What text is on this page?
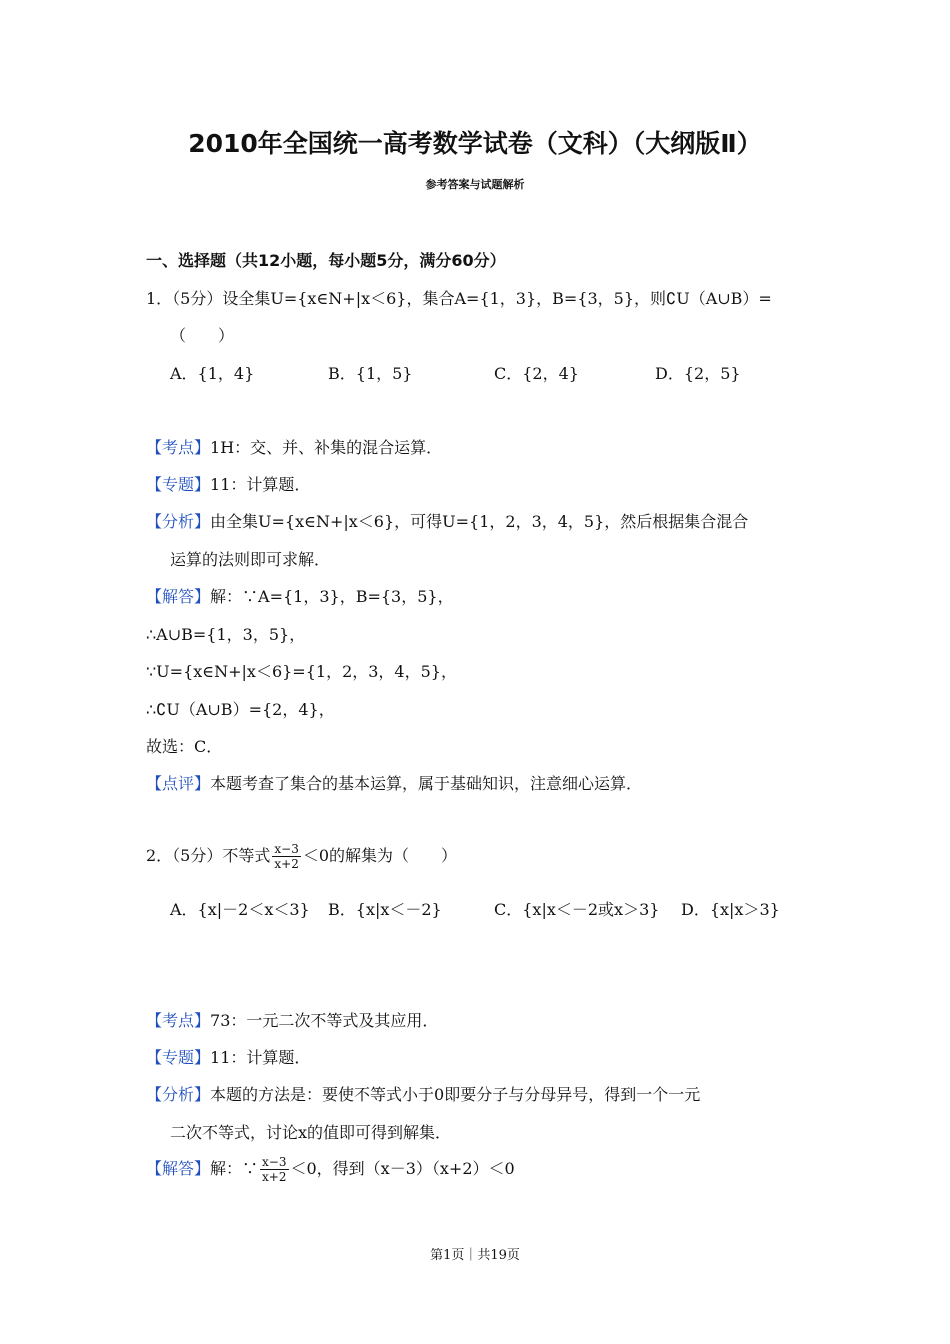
2010年全国统一高考数学试卷（文科）（大纲版Ⅱ）
参考答案与试题解析
一、选择题（共12小题，每小题5分，满分60分）
1．（5分）设全集U={x∈N+|x＜6}，集合A={1，3}，B={3，5}，则∁U（A∪B）=
（　　）
A．{1，4}	B．{1，5}	C．{2，4}	D．{2，5}
【考点】1H：交、并、补集的混合运算．
【专题】11：计算题．
【分析】由全集U={x∈N+|x＜6}，可得U={1，2，3，4，5}，然后根据集合混合
运算的法则即可求解．
【解答】解：∵A={1，3}，B={3，5}，
∴A∪B={1，3，5}，
∵U={x∈N+|x＜6}={1，2，3，4，5}，
∴∁U（A∪B）={2，4}，
故选：C．
【点评】本题考查了集合的基本运算，属于基础知识，注意细心运算．
2．（5分）不等式 $\frac{x-3}{x+2} <0$的解集为（　　）
A．{x|－2＜x＜3} B．{x|x＜－2}	C．{x|x＜－2或x＞3} D．{x|x＞3}
【考点】73：一元二次不等式及其应用．
【专题】11：计算题．
【分析】本题的方法是：要使不等式小于0即要分子与分母异号，得到一个一元
二次不等式，讨论x的值即可得到解集．
【解答】解：∵ $\frac{x-3}{x+2} <0$，得到（x－3）（x+2）＜0
第1页｜共19页
